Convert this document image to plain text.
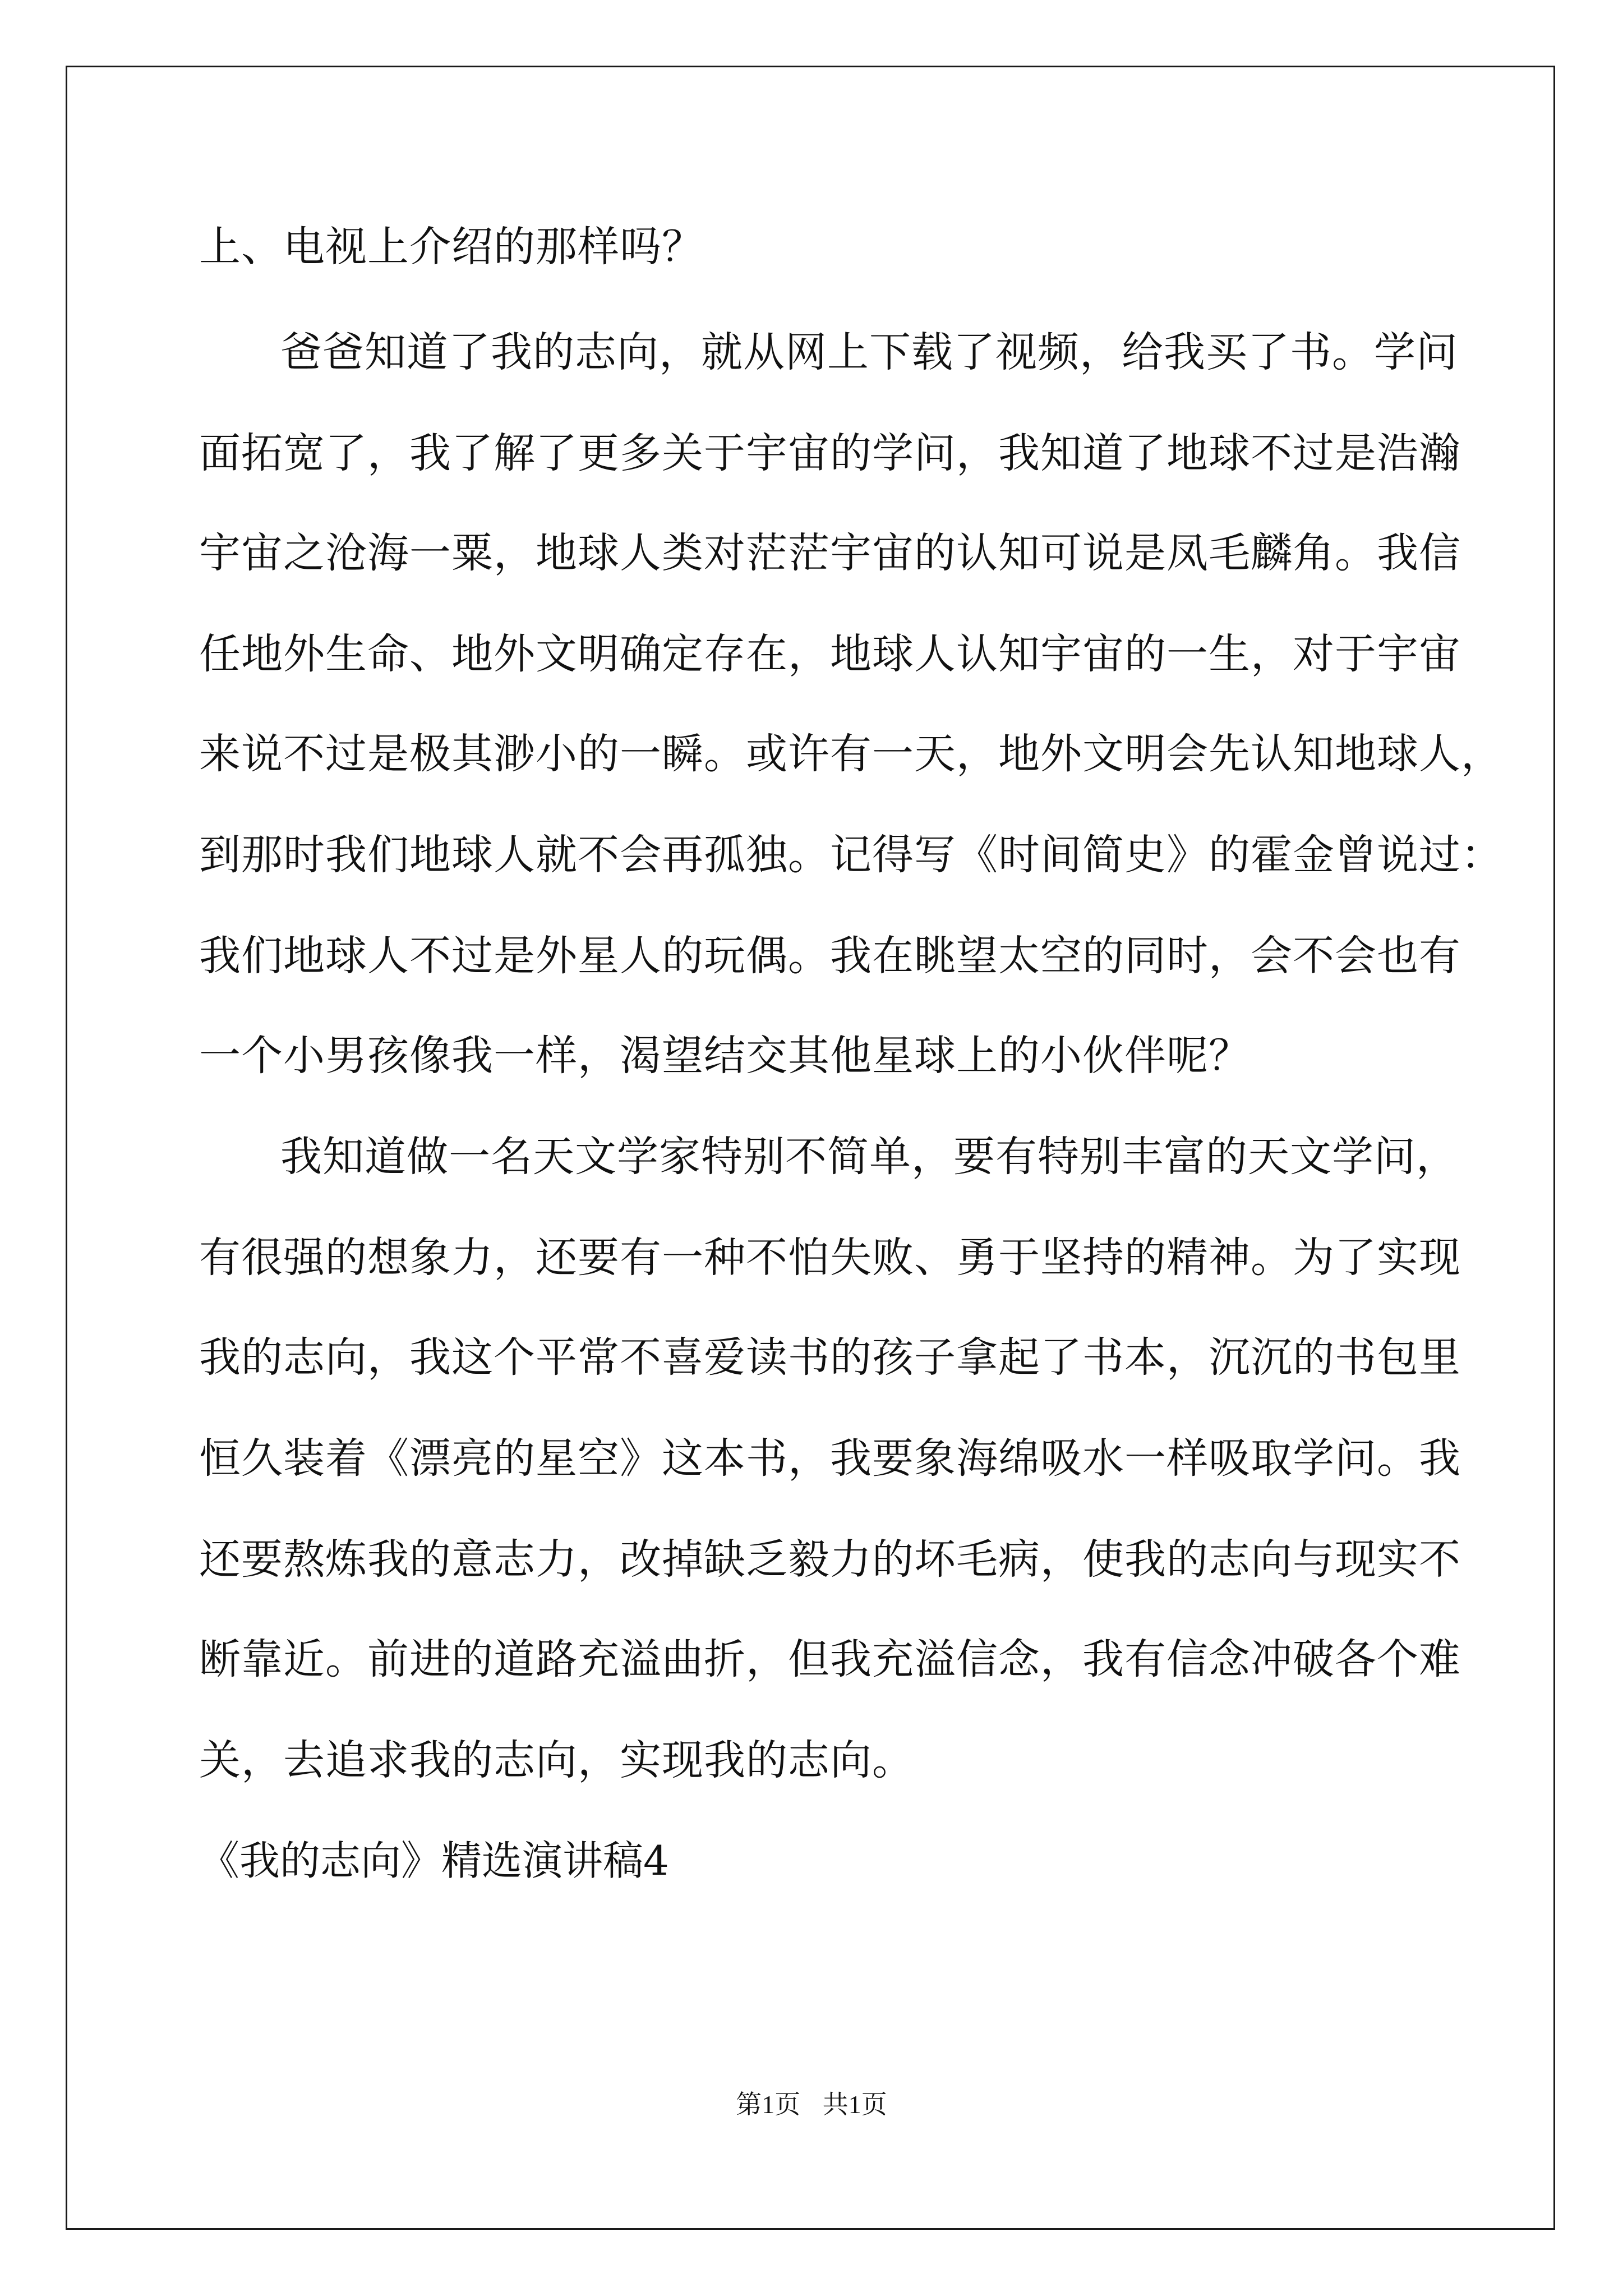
上、电视上介绍的那样吗？
爸爸知道了我的志向，就从网上下载了视频，给我买了书。学问
面拓宽了，我了解了更多关于宇宙的学问，我知道了地球不过是浩瀚
宇宙之沧海一粟，地球人类对茫茫宇宙的认知可说是凤毛麟角。我信
任地外生命、地外文明确定存在，地球人认知宇宙的一生，对于宇宙
来说不过是极其渺小的一瞬。或许有一天，地外文明会先认知地球人，
到那时我们地球人就不会再孤独。记得写《时间简史》的霍金曾说过：
我们地球人不过是外星人的玩偶。我在眺望太空的同时，会不会也有
一个小男孩像我一样，渴望结交其他星球上的小伙伴呢？
我知道做一名天文学家特别不简单，要有特别丰富的天文学问，
有很强的想象力，还要有一种不怕失败、勇于坚持的精神。为了实现
我的志向，我这个平常不喜爱读书的孩子拿起了书本，沉沉的书包里
恒久装着《漂亮的星空》这本书，我要象海绵吸水一样吸取学问。我
还要熬炼我的意志力，改掉缺乏毅力的坏毛病，使我的志向与现实不
断靠近。前进的道路充溢曲折，但我充溢信念，我有信念冲破各个难
关，去追求我的志向，实现我的志向。
《我的志向》精选演讲稿4
第1页 共1页
